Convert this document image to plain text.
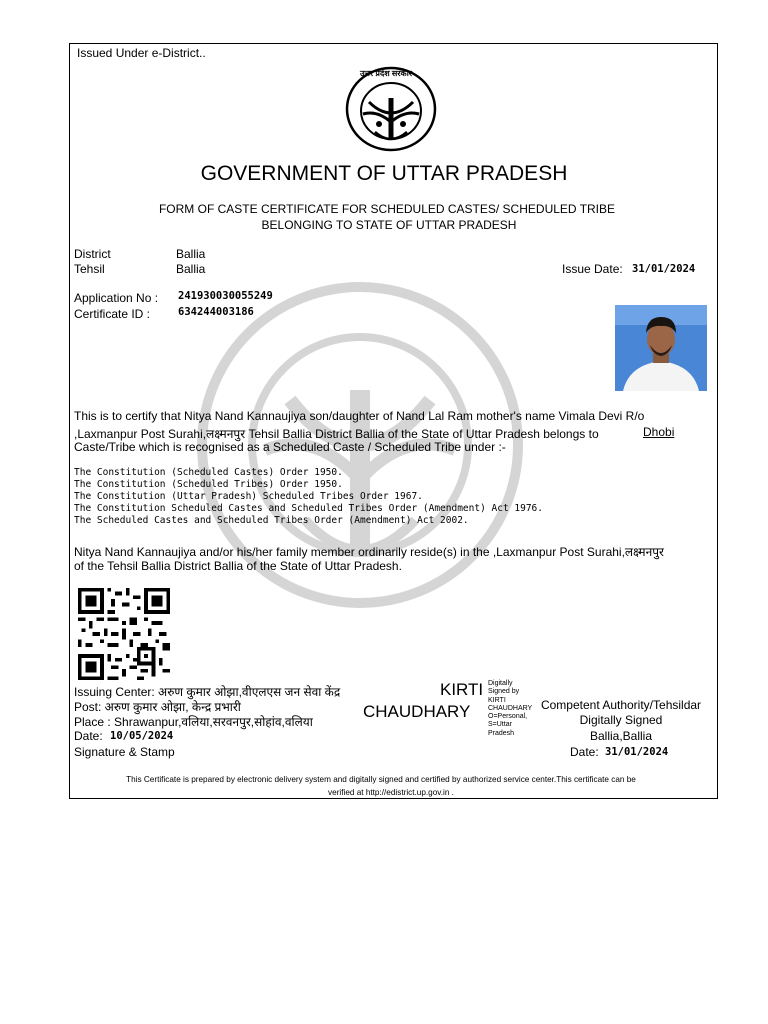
Issued Under e-District..
उत्तर प्रदेश सरकार
GOVERNMENT OF UTTAR PRADESH
FORM OF CASTE CERTIFICATE FOR SCHEDULED CASTES/ SCHEDULED TRIBE
BELONGING TO STATE OF UTTAR PRADESH
District	Ballia
Tehsil	Ballia	Issue Date: 31/01/2024
Application No : 241930030055249
Certificate ID :	634244003186
This is to certify that Nitya Nand Kannaujiya son/daughter of Nand Lal Ram mother's name Vimala Devi R/o
,Laxmanpur Post Surahi,लक्ष्मनपुर Tehsil Ballia District Ballia of the State of Uttar Pradesh belongs to	Dhobi
Caste/Tribe which is recognised as a Scheduled Caste / Scheduled Tribe under :-
The Constitution (Scheduled Castes) Order 1950.
The Constitution (Scheduled Tribes) Order 1950.
The Constitution (Uttar Pradesh) Scheduled Tribes Order 1967.
The Constitution Scheduled Castes and Scheduled Tribes Order (Amendment) Act 1976.
The Scheduled Castes and Scheduled Tribes Order (Amendment) Act 2002.
Nitya Nand Kannaujiya and/or his/her family member ordinarily reside(s) in the ,Laxmanpur Post Surahi,लक्ष्मनपुर
of the Tehsil Ballia District Ballia of the State of Uttar Pradesh.
Issuing Center: अरुण कुमार ओझा,वीएलएस जन सेवा केंद्र
Post: अरुण कुमार ओझा, केन्द्र प्रभारी
Place : Shrawanpur,वलिया,सरवनपुर,सोहांव,वलिया
Date: 10/05/2024
Signature & Stamp
KIRTI
CHAUDHARY
Digitally
Signed by
KIRTI
CHAUDHARY
O=Personal,
S=Uttar
Pradesh
Competent Authority/Tehsildar
Digitally Signed
Ballia,Ballia
Date: 31/01/2024
This Certificate is prepared by electronic delivery system and digitally signed and certified by authorized service center.This certificate can be
verified at http://edistrict.up.gov.in .
